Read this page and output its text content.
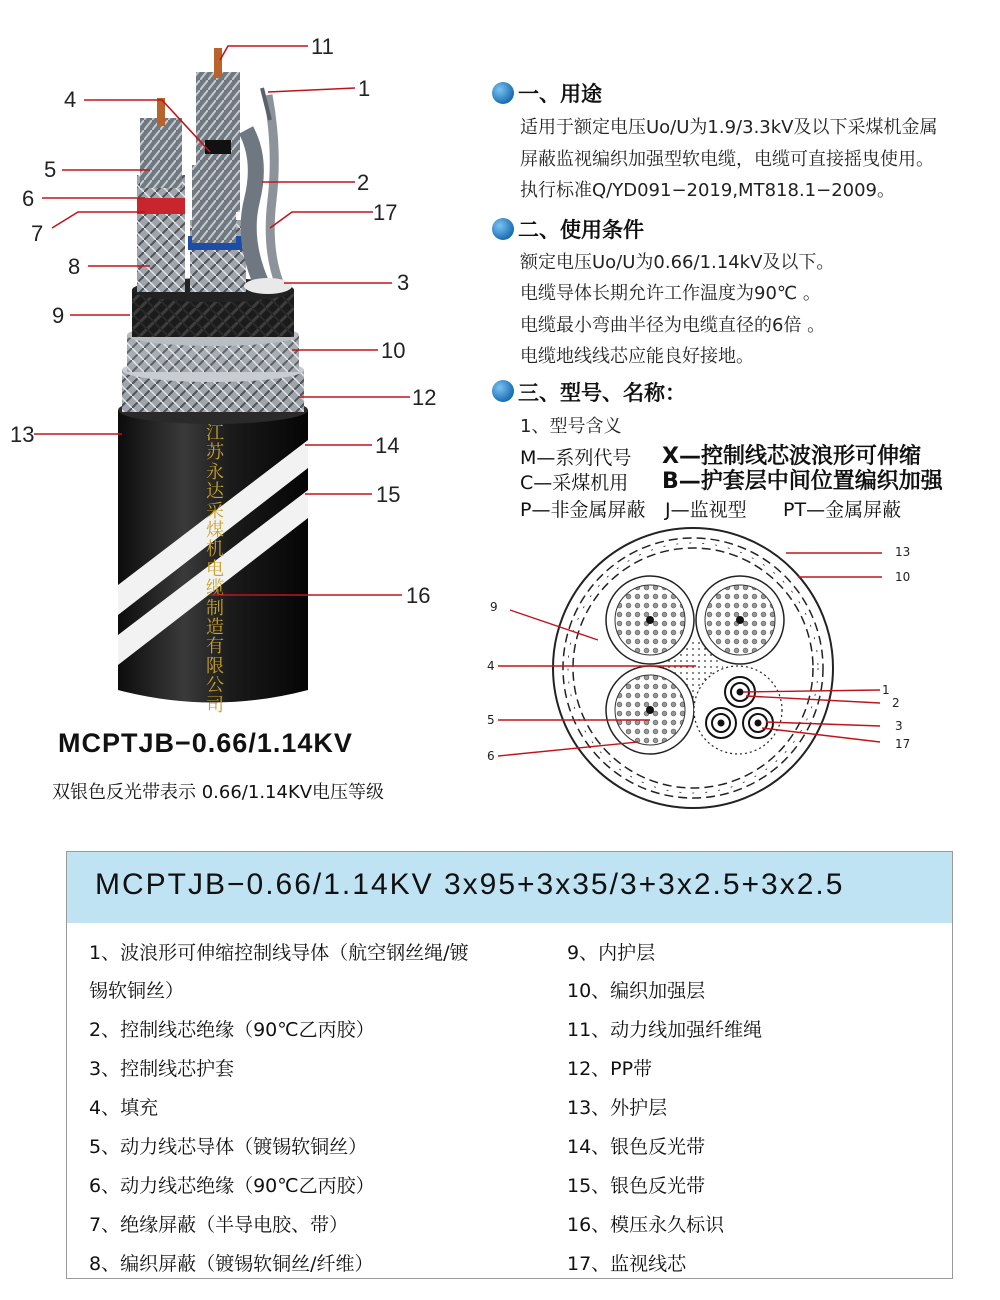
江苏永达采煤机电缆制造有限公司
4
5
6
7
8
9
13
11
1
2
17
3
10
12
14
15
16
一、用途
适用于额定电压Uo/U为1.9/3.3kV及以下采煤机金属
屏蔽监视编织加强型软电缆，电缆可直接摇曳使用。
执行标准Q/YD091−2019,MT818.1−2009。
二、使用条件
额定电压Uo/U为0.66/1.14kV及以下。
电缆导体长期允许工作温度为90℃ 。
电缆最小弯曲半径为电缆直径的6倍 。
电缆地线线芯应能良好接地。
三、型号、名称：
1、型号含义
M—系列代号 X—控制线芯波浪形可伸缩
C—采煤机用 B—护套层中间位置编织加强
P—非金属屏蔽 J—监视型 PT—金属屏蔽
9
4
5
6
13
10
1
2
3
17
MCPTJB−0.66/1.14KV
双银色反光带表示 0.66/1.14KV电压等级
MCPTJB−0.66/1.14KV 3x95+3x35/3+3x2.5+3x2.5
1、波浪形可伸缩控制线导体（航空钢丝绳/镀
锡软铜丝）
2、控制线芯绝缘（90℃乙丙胶）
3、控制线芯护套
4、填充
5、动力线芯导体（镀锡软铜丝）
6、动力线芯绝缘（90℃乙丙胶）
7、绝缘屏蔽（半导电胶、带）
8、编织屏蔽（镀锡软铜丝/纤维）
9、内护层
10、编织加强层
11、动力线加强纤维绳
12、PP带
13、外护层
14、银色反光带
15、银色反光带
16、模压永久标识
17、监视线芯
